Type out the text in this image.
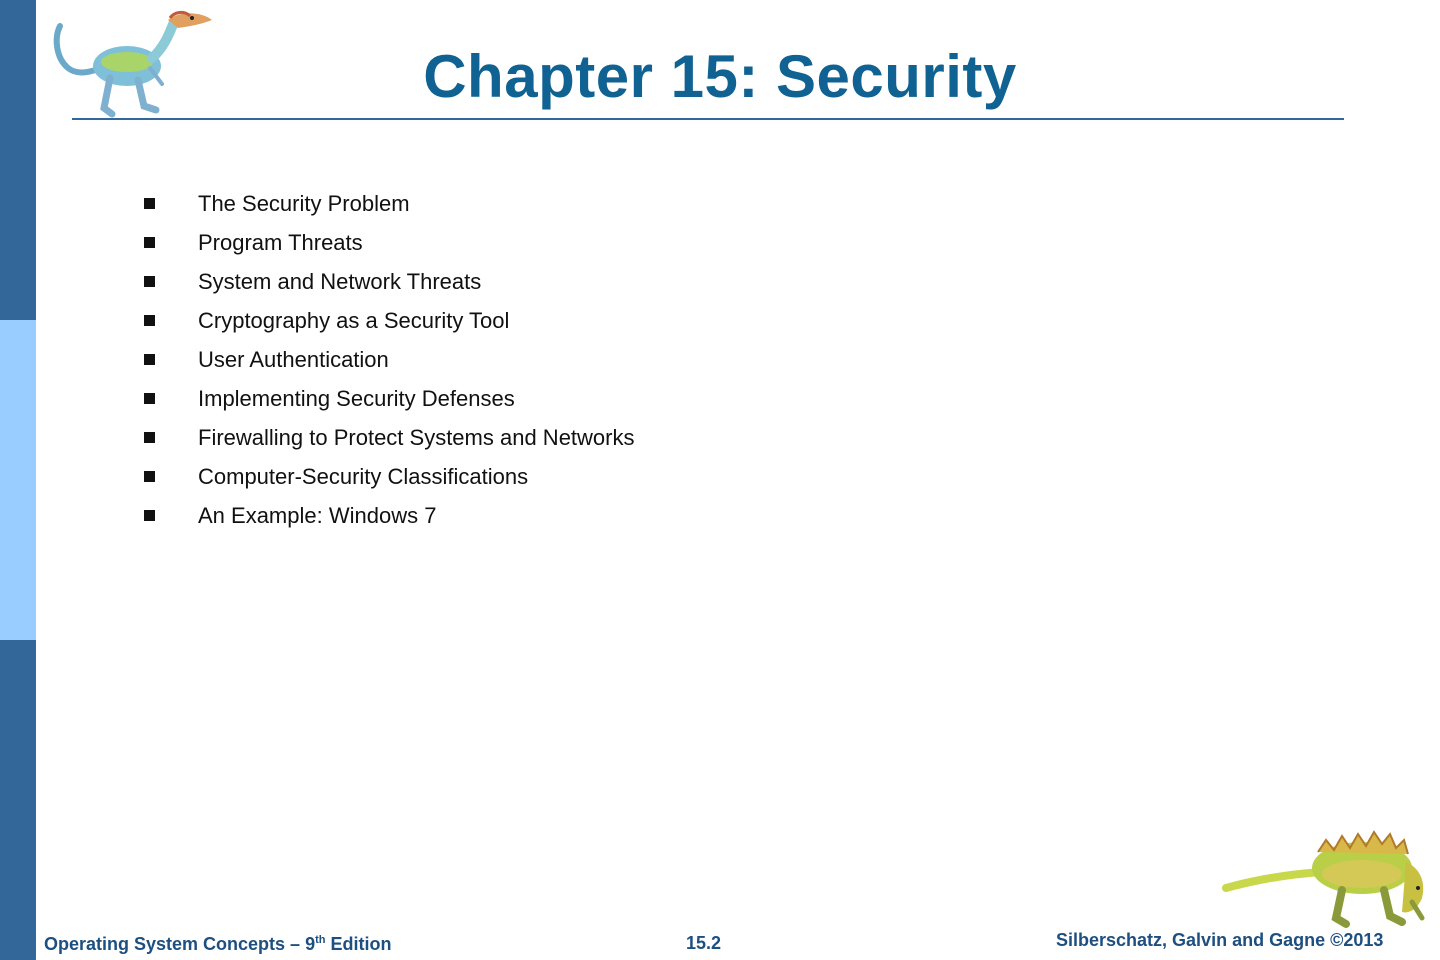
Chapter 15: Security
The Security Problem
Program Threats
System and Network Threats
Cryptography as a Security Tool
User Authentication
Implementing Security Defenses
Firewalling to Protect Systems and Networks
Computer-Security Classifications
An Example: Windows 7
Operating System Concepts – 9th Edition	15.2	Silberschatz, Galvin and Gagne ©2013
